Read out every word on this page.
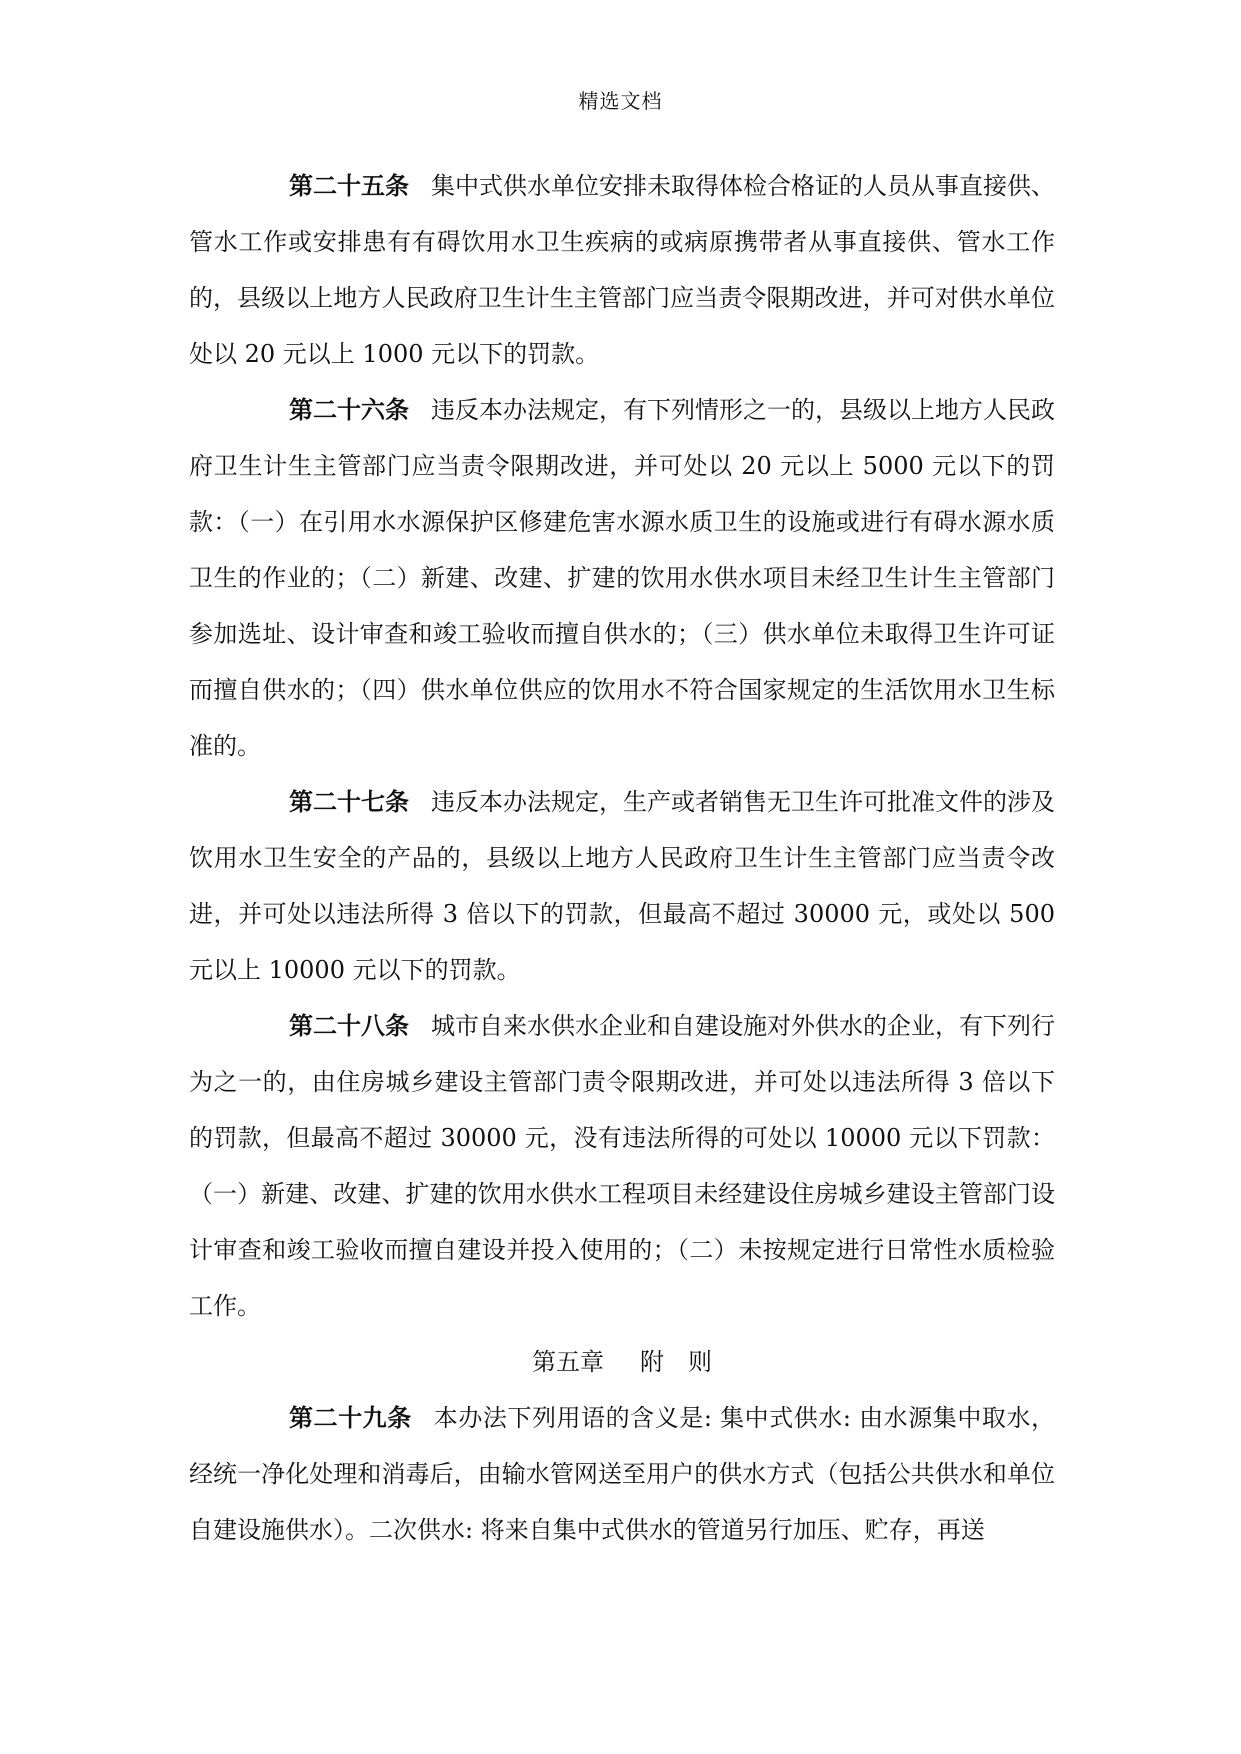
精选文档

第二十五条 集中式供水单位安排未取得体检合格证的人员从事直接供、管水工作或安排患有有碍饮用水卫生疾病的或病原携带者从事直接供、管水工作的，县级以上地方人民政府卫生计生主管部门应当责令限期改进，并可对供水单位处以 20 元以上 1000 元以下的罚款。

第二十六条 违反本办法规定，有下列情形之一的，县级以上地方人民政府卫生计生主管部门应当责令限期改进，并可处以 20 元以上 5000 元以下的罚款：（一）在引用水水源保护区修建危害水源水质卫生的设施或进行有碍水源水质卫生的作业的；（二）新建、改建、扩建的饮用水供水项目未经卫生计生主管部门参加选址、设计审查和竣工验收而擅自供水的；（三）供水单位未取得卫生许可证而擅自供水的；（四）供水单位供应的饮用水不符合国家规定的生活饮用水卫生标准的。

第二十七条 违反本办法规定，生产或者销售无卫生许可批准文件的涉及饮用水卫生安全的产品的，县级以上地方人民政府卫生计生主管部门应当责令改进，并可处以违法所得 3 倍以下的罚款，但最高不超过 30000 元，或处以 500 元以上 10000 元以下的罚款。

第二十八条 城市自来水供水企业和自建设施对外供水的企业，有下列行为之一的，由住房城乡建设主管部门责令限期改进，并可处以违法所得 3 倍以下的罚款，但最高不超过 30000 元，没有违法所得的可处以 10000 元以下罚款：（一）新建、改建、扩建的饮用水供水工程项目未经建设住房城乡建设主管部门设计审查和竣工验收而擅自建设并投入使用的；（二）未按规定进行日常性水质检验工作。

第五章 附 则

第二十九条 本办法下列用语的含义是: 集中式供水: 由水源集中取水，经统一净化处理和消毒后，由输水管网送至用户的供水方式（包括公共供水和单位自建设施供水）。二次供水: 将来自集中式供水的管道另行加压、贮存，再送
